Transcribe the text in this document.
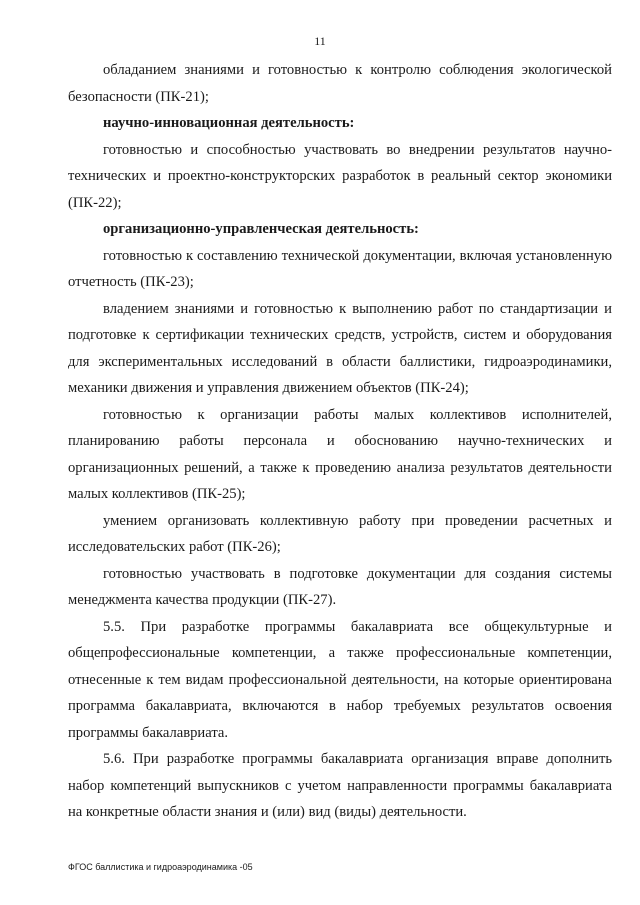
11

обладанием знаниями и готовностью к контролю соблюдения экологической безопасности (ПК-21);

научно-инновационная деятельность:

готовностью и способностью участвовать во внедрении результатов научно-технических и проектно-конструкторских разработок в реальный сектор экономики (ПК-22);

организационно-управленческая деятельность:

готовностью к составлению технической документации, включая установленную отчетность (ПК-23);

владением знаниями и готовностью к выполнению работ по стандартизации и подготовке к сертификации технических средств, устройств, систем и оборудования для экспериментальных исследований в области баллистики, гидроаэродинамики, механики движения и управления движением объектов (ПК-24);

готовностью к организации работы малых коллективов исполнителей, планированию работы персонала и обоснованию научно-технических и организационных решений, а также к проведению анализа результатов деятельности малых коллективов (ПК-25);

умением организовать коллективную работу при проведении расчетных и исследовательских работ (ПК-26);

готовностью участвовать в подготовке документации для создания системы менеджмента качества продукции (ПК-27).

5.5. При разработке программы бакалавриата все общекультурные и общепрофессиональные компетенции, а также профессиональные компетенции, отнесенные к тем видам профессиональной деятельности, на которые ориентирована программа бакалавриата, включаются в набор требуемых результатов освоения программы бакалавриата.

5.6. При разработке программы бакалавриата организация вправе дополнить набор компетенций выпускников с учетом направленности программы бакалавриата на конкретные области знания и (или) вид (виды) деятельности.

ФГОС баллистика и гидроаэродинамика -05
